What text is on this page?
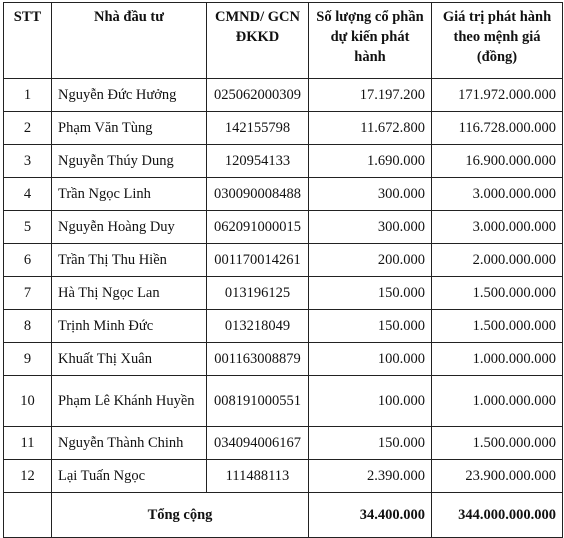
STT	Nhà đầu tư	CMND/ GCN ĐKKD	Số lượng cổ phần dự kiến phát hành	Giá trị phát hành theo mệnh giá (đồng)
1	Nguyễn Đức Hưởng	025062000309	17.197.200	171.972.000.000
2	Phạm Văn Tùng	142155798	11.672.800	116.728.000.000
3	Nguyễn Thúy Dung	120954133	1.690.000	16.900.000.000
4	Trần Ngọc Linh	030090008488	300.000	3.000.000.000
5	Nguyễn Hoàng Duy	062091000015	300.000	3.000.000.000
6	Trần Thị Thu Hiền	001170014261	200.000	2.000.000.000
7	Hà Thị Ngọc Lan	013196125	150.000	1.500.000.000
8	Trịnh Minh Đức	013218049	150.000	1.500.000.000
9	Khuất Thị Xuân	001163008879	100.000	1.000.000.000
10	Phạm Lê Khánh Huyền	008191000551	100.000	1.000.000.000
11	Nguyễn Thành Chinh	034094006167	150.000	1.500.000.000
12	Lại Tuấn Ngọc	111488113	2.390.000	23.900.000.000
	Tổng cộng		34.400.000	344.000.000.000
